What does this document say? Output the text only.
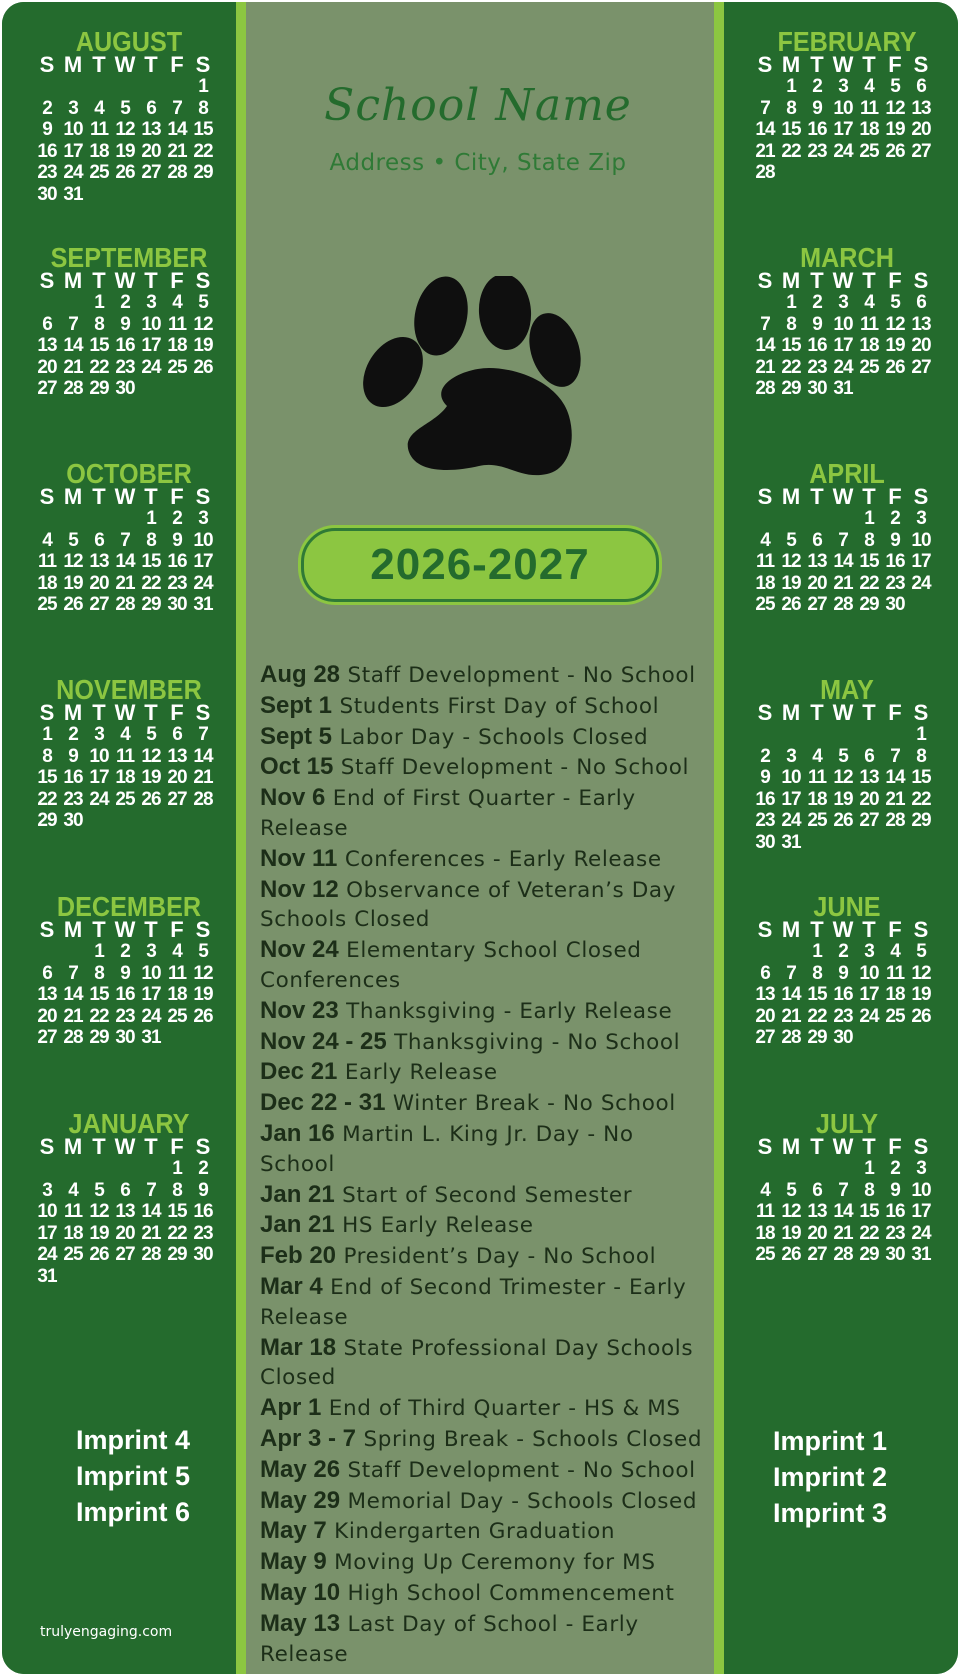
AUGUST
S M T W T F S

1
2 3 4 5 6 7 8
9 10 11 12 13 14 15
16 17 18 19 20 21 22
23 24 25 26 27 28 29
30 31
SEPTEMBER
S M T W T F S

1 2 3 4 5
6 7 8 9 10 11 12
13 14 15 16 17 18 19
20 21 22 23 24 25 26
27 28 29 30
OCTOBER
S M T W T F S

1 2 3
4 5 6 7 8 9 10
11 12 13 14 15 16 17
18 19 20 21 22 23 24
25 26 27 28 29 30 31
NOVEMBER
S M T W T F S
1 2 3 4 5 6 7
8 9 10 11 12 13 14
15 16 17 18 19 20 21
22 23 24 25 26 27 28
29 30
DECEMBER
S M T W T F S

1 2 3 4 5
6 7 8 9 10 11 12
13 14 15 16 17 18 19
20 21 22 23 24 25 26
27 28 29 30 31
JANUARY
S M T W T F S

1 2
3 4 5 6 7 8 9
10 11 12 13 14 15 16
17 18 19 20 21 22 23
24 25 26 27 28 29 30
31
FEBRUARY
S M T W T F S

1 2 3 4 5 6
7 8 9 10 11 12 13
14 15 16 17 18 19 20
21 22 23 24 25 26 27
28
MARCH
S M T W T F S

1 2 3 4 5 6
7 8 9 10 11 12 13
14 15 16 17 18 19 20
21 22 23 24 25 26 27
28 29 30 31
APRIL
S M T W T F S

1 2 3
4 5 6 7 8 9 10
11 12 13 14 15 16 17
18 19 20 21 22 23 24
25 26 27 28 29 30
MAY
S M T W T F S

1
2 3 4 5 6 7 8
9 10 11 12 13 14 15
16 17 18 19 20 21 22
23 24 25 26 27 28 29
30 31
JUNE
S M T W T F S

1 2 3 4 5
6 7 8 9 10 11 12
13 14 15 16 17 18 19
20 21 22 23 24 25 26
27 28 29 30
JULY
S M T W T F S

1 2 3
4 5 6 7 8 9 10
11 12 13 14 15 16 17
18 19 20 21 22 23 24
25 26 27 28 29 30 31
School Name
Address • City, State Zip
2026-2027
Aug 28 Staff Development - No School
Sept 1 Students First Day of School
Sept 5 Labor Day - Schools Closed
Oct 15 Staff Development - No School
Nov 6 End of First Quarter - Early Release
Nov 11 Conferences - Early Release
Nov 12 Observance of Veteran’s Day Schools Closed
Nov 24 Elementary School Closed Conferences
Nov 23 Thanksgiving - Early Release
Nov 24 - 25 Thanksgiving - No School
Dec 21 Early Release
Dec 22 - 31 Winter Break - No School
Jan 16 Martin L. King Jr. Day - No School
Jan 21 Start of Second Semester
Jan 21 HS Early Release
Feb 20 President’s Day - No School
Mar 4 End of Second Trimester - Early Release
Mar 18 State Professional Day Schools Closed
Apr 1 End of Third Quarter - HS & MS
Apr 3 - 7 Spring Break - Schools Closed
May 26 Staff Development - No School
May 29 Memorial Day - Schools Closed
May 7 Kindergarten Graduation
May 9 Moving Up Ceremony for MS
May 10 High School Commencement
May 13 Last Day of School - Early Release
Imprint 4
Imprint 5
Imprint 6
Imprint 1
Imprint 2
Imprint 3
trulyengaging.com
